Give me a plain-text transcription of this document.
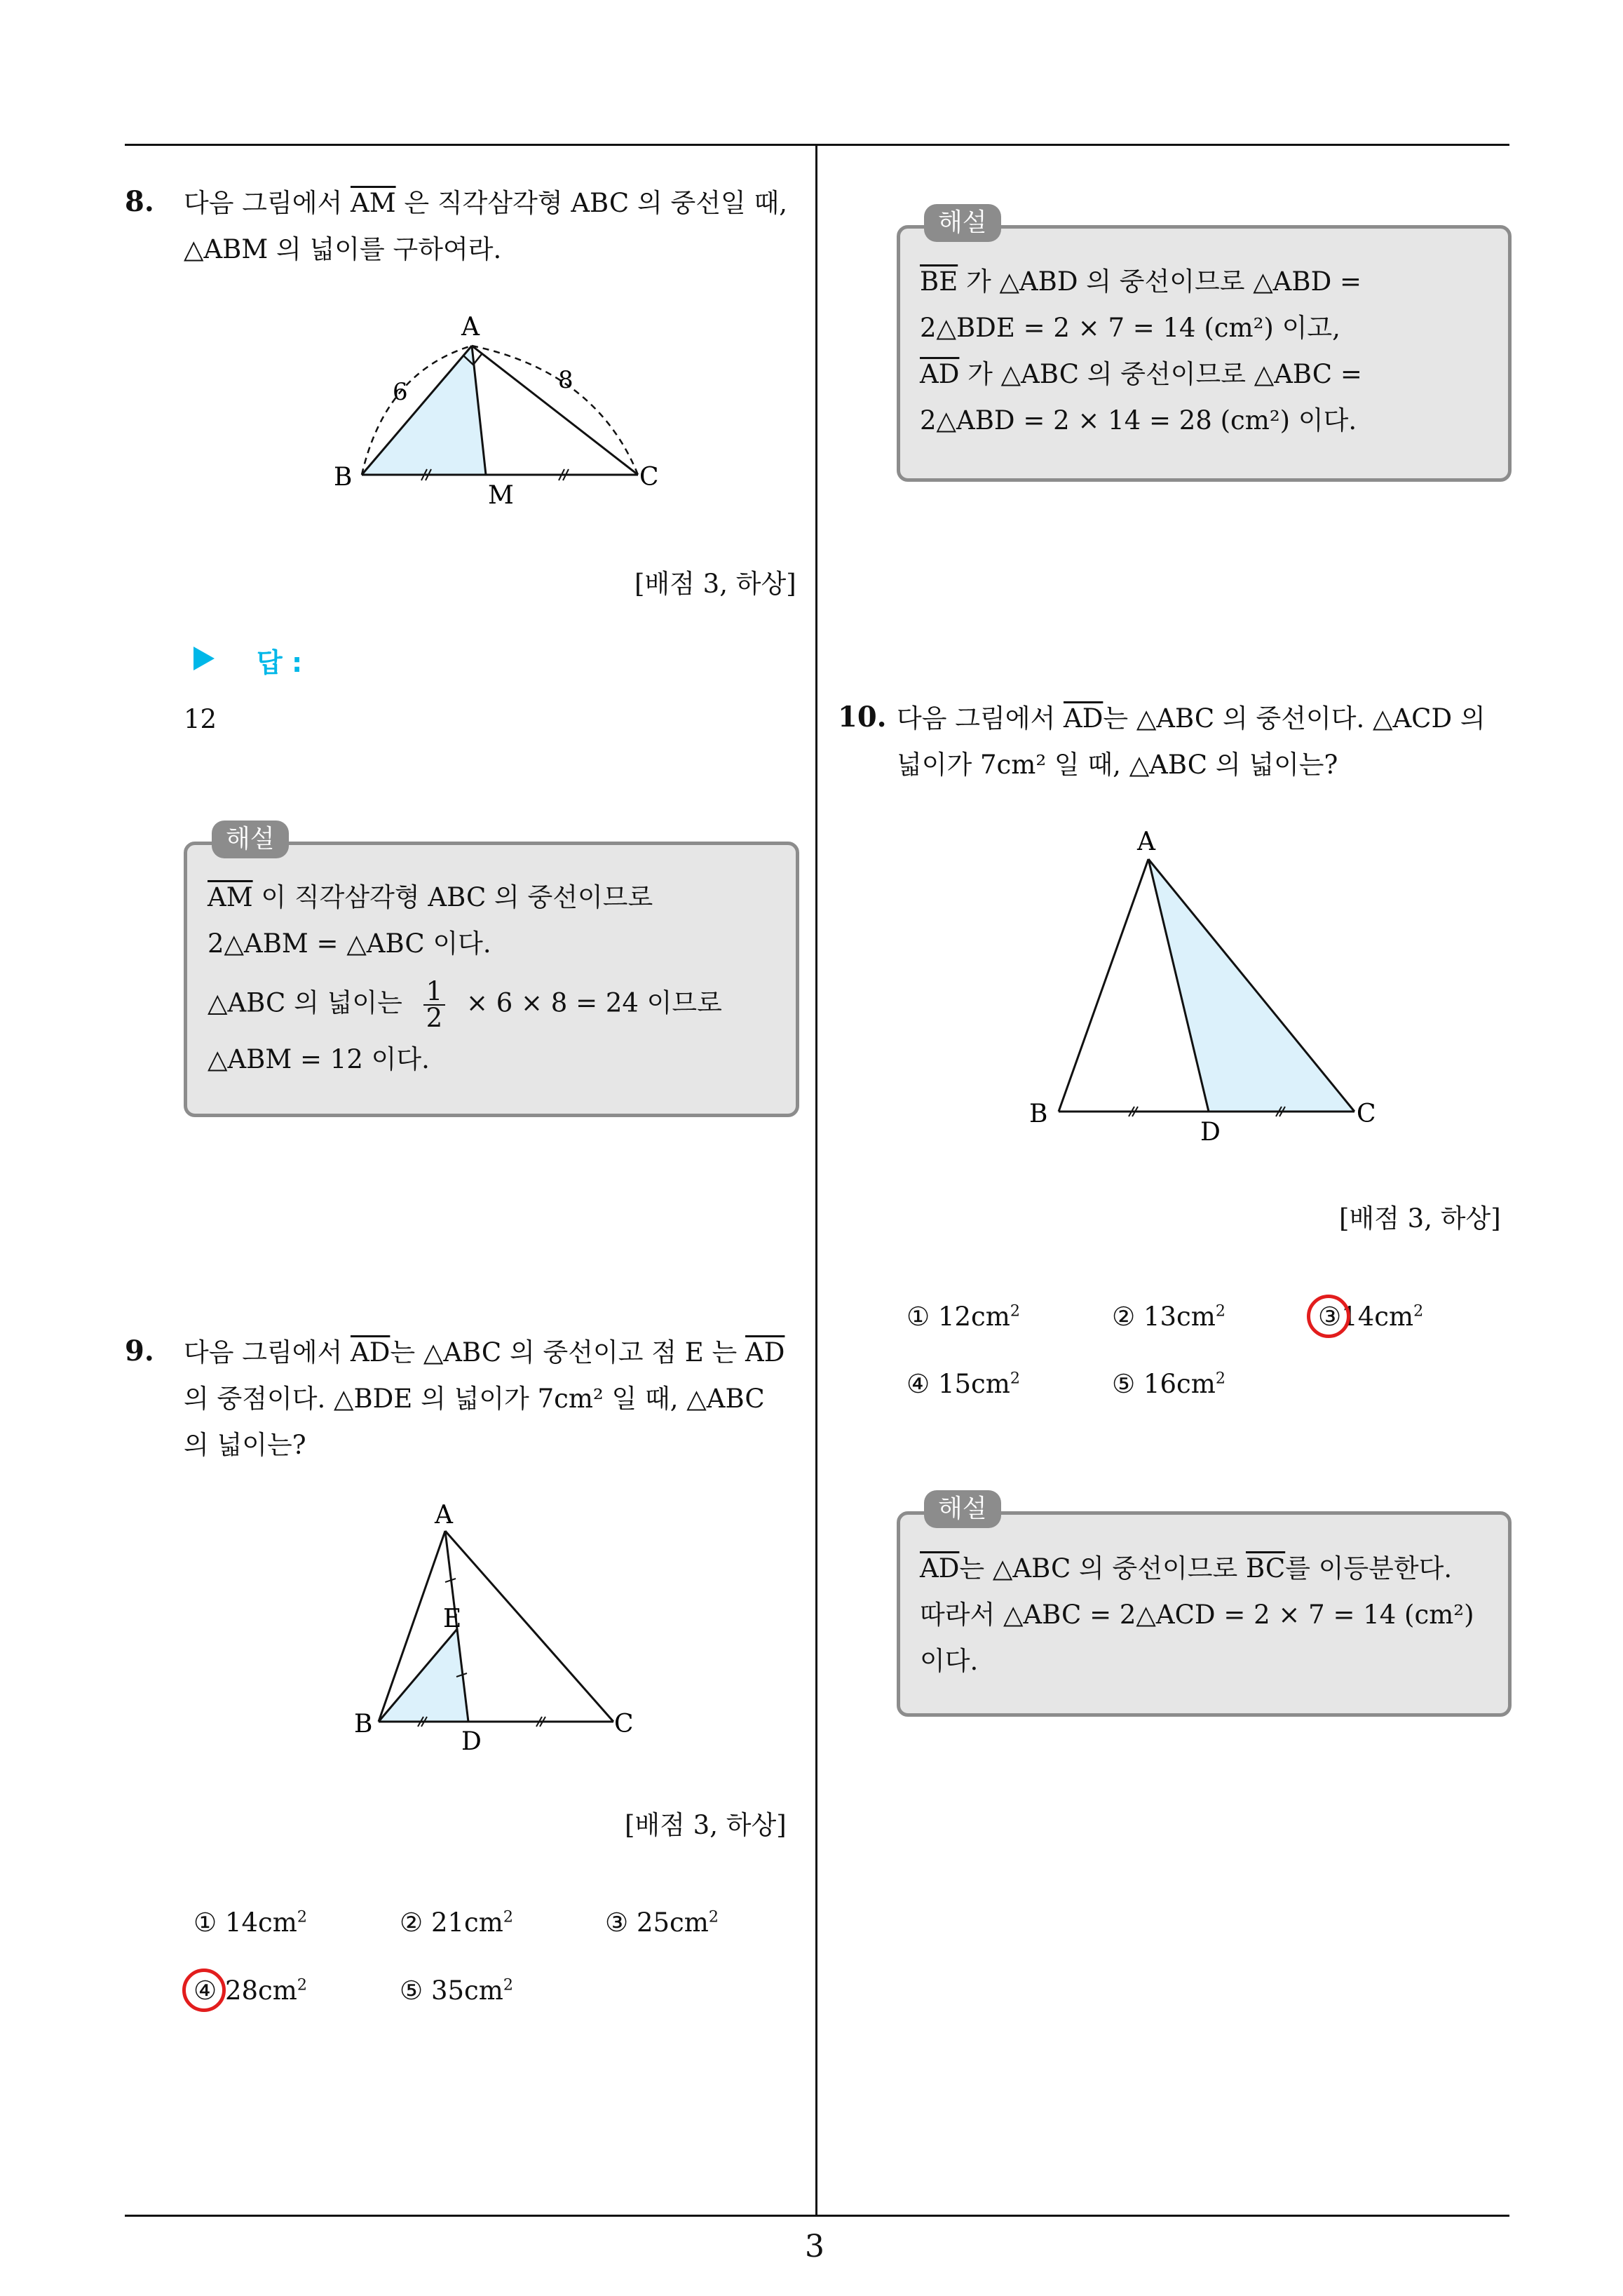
8. 다음 그림에서 $\overline{AM}$ 은 직각삼각형 ABC 의 중선일 때,
△ABM 의 넓이를 구하여라.
A
B	C
M
6	8
[배점 3, 하상]
답 :
12
해설
$\overline{AM}$ 이 직각삼각형 ABC 의 중선이므로
2△ABM = △ABC 이다.
△ABC 의 넓이는 $\frac{1}{2} \times 6 \times 8 = 24$ 이므로
△ABM = 12 이다.
9. 다음 그림에서 $\overline{AD}$는 △ABC 의 중선이고 점 E 는 $\overline{AD}$
의 중점이다. △BDE 의 넓이가 7cm² 일 때, △ABC
의 넓이는?
A
E
B
D
C
[배점 3, 하상]
① $14cm^2$	② $21cm^2$	③ $25cm^2$
④ $28cm^2$	⑤ $35cm^2$
해설
$\overline{BE}$ 가 △ABD 의 중선이므로 △ABD =
2△BDE = 2 × 7 = 14 (cm²) 이고,
$\overline{AD}$ 가 △ABC 의 중선이므로 △ABC =
2△ABD = 2 × 14 = 28 (cm²) 이다.
10. 다음 그림에서 $\overline{AD}$는 △ABC 의 중선이다. △ACD 의
넓이가 7cm² 일 때, △ABC 의 넓이는?
A
B
D
C
[배점 3, 하상]
① $12cm^2$	② $13cm^2$	$③14cm^2$
④ $15cm^2$	⑤ $16cm^2$
해설
$\overline{AD}$는 △ABC 의 중선이므로 $\overline{BC}$를 이등분한다.
따라서 △ABC = 2△ACD = 2 × 7 = 14 (cm²)
이다.
3
